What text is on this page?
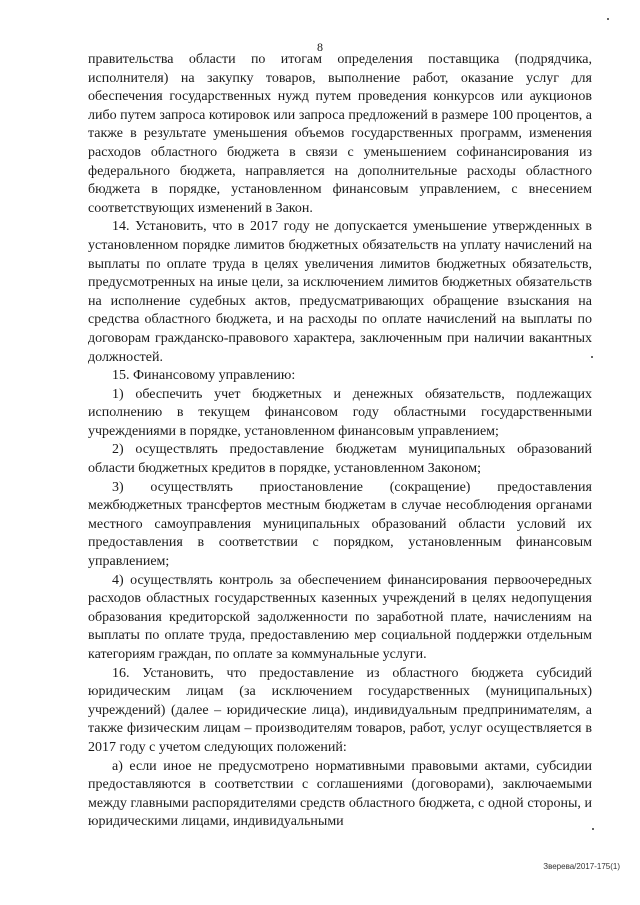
8

правительства области по итогам определения поставщика (подрядчика, исполнителя) на закупку товаров, выполнение работ, оказание услуг для обеспечения государственных нужд путем проведения конкурсов или аукционов либо путем запроса котировок или запроса предложений в размере 100 процентов, а также в результате уменьшения объемов государственных программ, изменения расходов областного бюджета в связи с уменьшением софинансирования из федерального бюджета, направляется на дополнительные расходы областного бюджета в порядке, установленном финансовым управлением, с внесением соответствующих изменений в Закон.

14. Установить, что в 2017 году не допускается уменьшение утвержденных в установленном порядке лимитов бюджетных обязательств на уплату начислений на выплаты по оплате труда в целях увеличения лимитов бюджетных обязательств, предусмотренных на иные цели, за исключением лимитов бюджетных обязательств на исполнение судебных актов, предусматривающих обращение взыскания на средства областного бюджета, и на расходы по оплате начислений на выплаты по договорам гражданско-правового характера, заключенным при наличии вакантных должностей.

15. Финансовому управлению:

1) обеспечить учет бюджетных и денежных обязательств, подлежащих исполнению в текущем финансовом году областными государственными учреждениями в порядке, установленном финансовым управлением;

2) осуществлять предоставление бюджетам муниципальных образований области бюджетных кредитов в порядке, установленном Законом;

3) осуществлять приостановление (сокращение) предоставления межбюджетных трансфертов местным бюджетам в случае несоблюдения органами местного самоуправления муниципальных образований области условий их предоставления в соответствии с порядком, установленным финансовым управлением;

4) осуществлять контроль за обеспечением финансирования первоочередных расходов областных государственных казенных учреждений в целях недопущения образования кредиторской задолженности по заработной плате, начислениям на выплаты по оплате труда, предоставлению мер социальной поддержки отдельным категориям граждан, по оплате за коммунальные услуги.

16. Установить, что предоставление из областного бюджета субсидий юридическим лицам (за исключением государственных (муниципальных) учреждений) (далее – юридические лица), индивидуальным предпринимателям, а также физическим лицам – производителям товаров, работ, услуг осуществляется в 2017 году с учетом следующих положений:

а) если иное не предусмотрено нормативными правовыми актами, субсидии предоставляются в соответствии с соглашениями (договорами), заключаемыми между главными распорядителями средств областного бюджета, с одной стороны, и юридическими лицами, индивидуальными

Зверева/2017-175(1)
